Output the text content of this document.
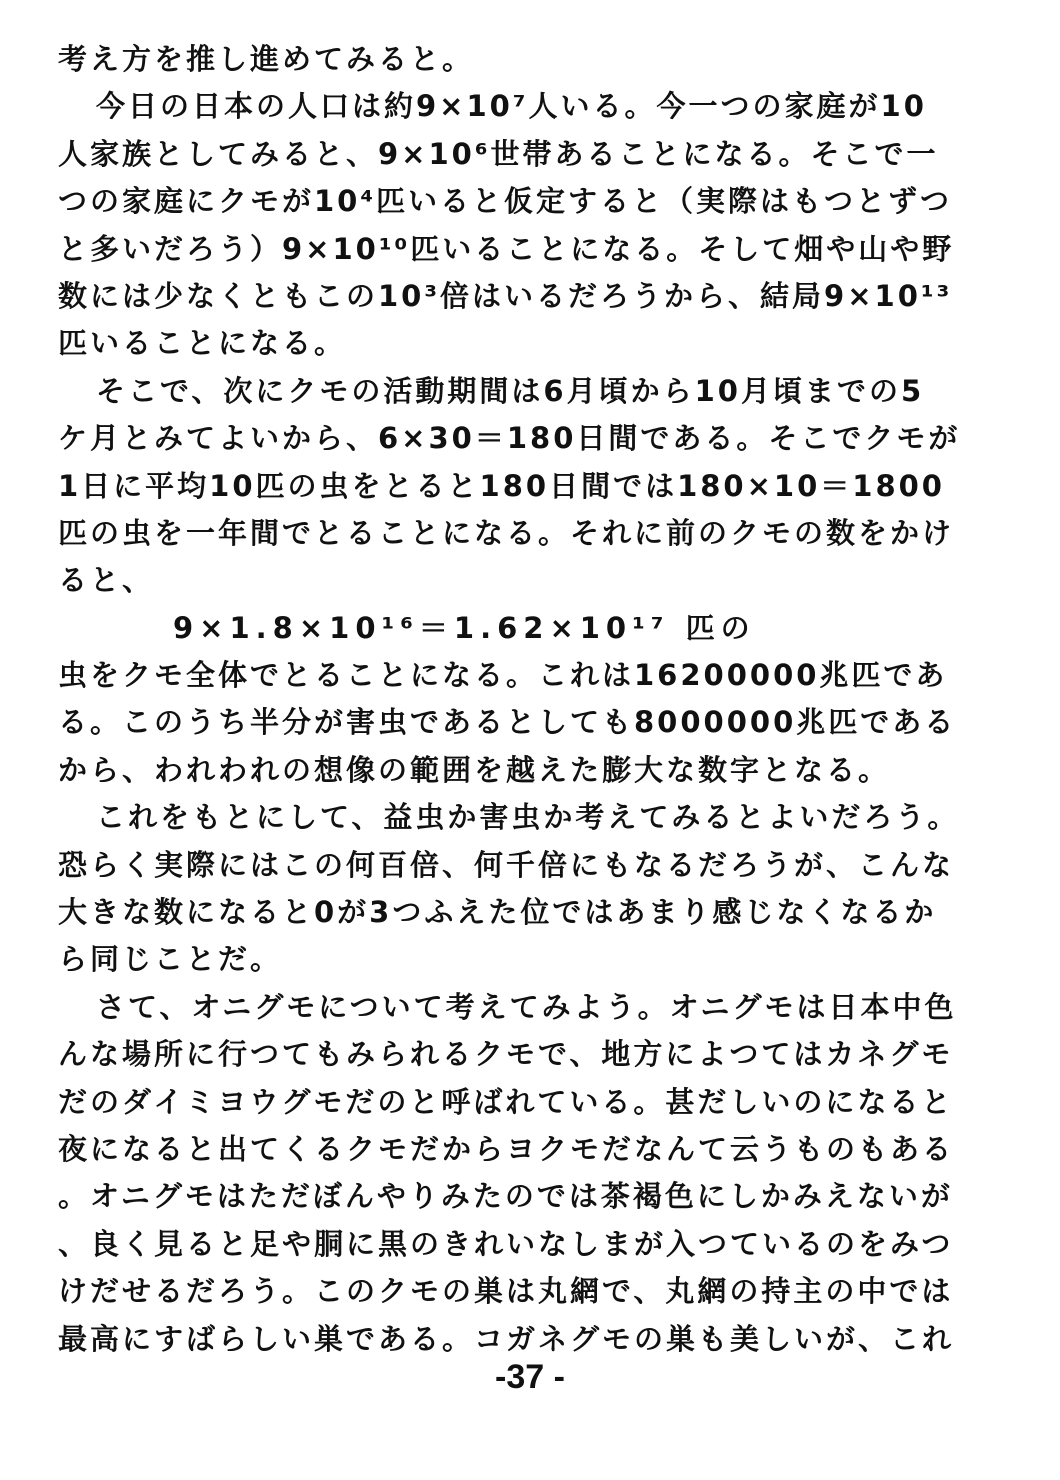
考え方を推し進めてみると。
今日の日本の人口は約9×10⁷人いる。今一つの家庭が10
人家族としてみると、9×10⁶世帯あることになる。そこで一
つの家庭にクモが10⁴匹いると仮定すると（実際はもつとずつ
と多いだろう）9×10¹⁰匹いることになる。そして畑や山や野
数には少なくともこの10³倍はいるだろうから、結局9×10¹³
匹いることになる。
そこで、次にクモの活動期間は6月頃から10月頃までの5
ケ月とみてよいから、6×30＝180日間である。そこでクモが
1日に平均10匹の虫をとると180日間では180×10＝1800
匹の虫を一年間でとることになる。それに前のクモの数をかけ
ると、
9×1.8×10¹⁶＝1.62×10¹⁷ 匹の
虫をクモ全体でとることになる。これは16200000兆匹であ
る。このうち半分が害虫であるとしても8000000兆匹である
から、われわれの想像の範囲を越えた膨大な数字となる。
これをもとにして、益虫か害虫か考えてみるとよいだろう。
恐らく実際にはこの何百倍、何千倍にもなるだろうが、こんな
大きな数になると0が3つふえた位ではあまり感じなくなるか
ら同じことだ。
さて、オニグモについて考えてみよう。オニグモは日本中色
んな場所に行つてもみられるクモで、地方によつてはカネグモ
だのダイミヨウグモだのと呼ばれている。甚だしいのになると
夜になると出てくるクモだからヨクモだなんて云うものもある
。オニグモはただぼんやりみたのでは茶褐色にしかみえないが
、良く見ると足や胴に黒のきれいなしまが入つているのをみつ
けだせるだろう。このクモの巣は丸網で、丸網の持主の中では
最高にすばらしい巣である。コガネグモの巣も美しいが、これ
-37 -
